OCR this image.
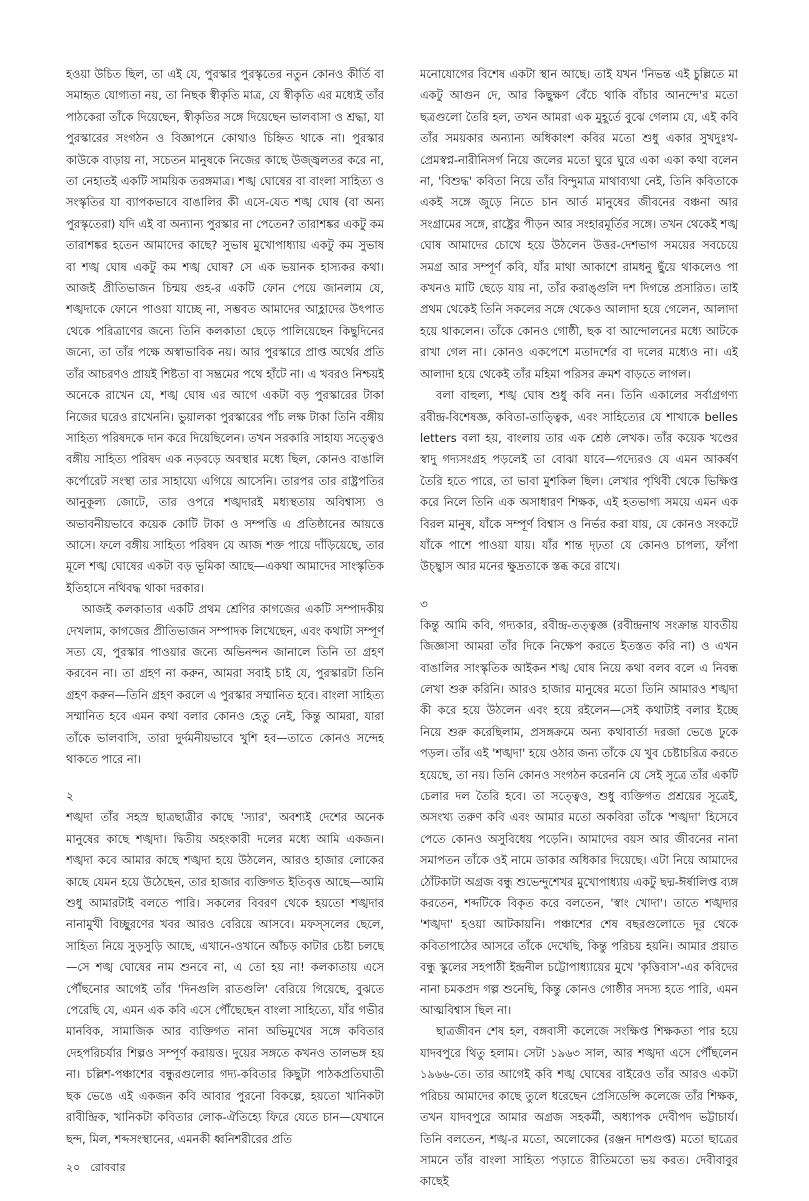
হওয়া উচিত ছিল, তা এই যে, পুরস্কার পুরস্কৃতের নতুন কোনও কীর্তি বা সমাহৃত যোগ্যতা নয়, তা নিছক স্বীকৃতি মাত্র, যে স্বীকৃতি এর মধ্যেই তাঁর পাঠকেরা তাঁকে দিয়েছেন, স্বীকৃতির সঙ্গে দিয়েছেন ভালবাসা ও শ্রদ্ধা, যা পুরস্কারের সংগঠন ও বিজ্ঞাপনে কোথাও চিহ্নিত থাকে না। পুরস্কার কাউকে বাড়ায় না, সচেতন মানুষকে নিজের কাছে উজ্জ্বলতর করে না, তা নেহাতই একটি সাময়িক তরঙ্গমাত্র। শঙ্খ ঘোষের বা বাংলা সাহিত্য ও সংস্কৃতির যা ব্যাপকভাবে বাঙালির কী এসে-যেত শঙ্খ ঘোষ (বা অন্য পুরস্কৃতেরা) যদি এই বা অন্যান্য পুরস্কার না পেতেন? তারাশঙ্কর একটু কম তারাশঙ্কর হতেন আমাদের কাছে? সুভাষ মুখোপাধ্যায় একটু কম সুভাষ বা শঙ্খ ঘোষ একটু কম শঙ্খ ঘোষ? সে এক ভয়ানক হাস্যকর কথা। আজই প্রীতিভাজন চিন্ময় গুহ-র একটি ফোন পেয়ে জানলাম যে, শঙ্খদাকে ফোনে পাওয়া যাচ্ছে না, সম্ভবত আমাদের আহ্লাদের উৎপাত থেকে পরিত্রাণের জন্যে তিনি কলকাতা ছেড়ে পালিয়েছেন কিছুদিনের জন্যে, তা তাঁর পক্ষে অস্বাভাবিক নয়। আর পুরস্কারে প্রাপ্ত অর্থের প্রতি তাঁর আচরণও প্রায়ই শিষ্টতা বা সম্ভ্রমের পথে হাঁটে না। এ খবরও নিশ্চয়ই অনেকে রাখেন যে, শঙ্খ ঘোষ এর আগে একটা বড় পুরস্কারের টাকা নিজের ঘরেও রাখেননি। ভুয়ালকা পুরস্কারের পাঁচ লক্ষ টাকা তিনি বঙ্গীয় সাহিত্য পরিষদকে দান করে দিয়েছিলেন। তখন সরকারি সাহায্য সত্ত্বেও বঙ্গীয় সাহিত্য পরিষদ এক নড়বড়ে অবস্থার মধ্যে ছিল, কোনও বাঙালি কর্পোরেট সংস্থা তার সাহায্যে এগিয়ে আসেনি। তারপর তার রাষ্ট্রপতির আনুকূল্য জোটে, তার ওপরে শঙ্খদারই মধ্যস্থতায় অবিশ্বাস্য ও অভাবনীয়ভাবে কয়েক কোটি টাকা ও সম্পত্তি এ প্রতিষ্ঠানের আয়ত্তে আসে। ফলে বঙ্গীয় সাহিত্য পরিষদ যে আজ শক্ত পায়ে দাঁড়িয়েছে, তার মূলে শঙ্খ ঘোষের একটা বড় ভূমিকা আছে—একথা আমাদের সাংস্কৃতিক ইতিহাসে নথিবদ্ধ থাকা দরকার।

আজই কলকাতার একটি প্রথম শ্রেণির কাগজের একটি সম্পাদকীয় দেখলাম, কাগজের প্রীতিভাজন সম্পাদক লিখেছেন, এবং কথাটা সম্পূর্ণ সত্য যে, পুরস্কার পাওয়ার জন্যে অভিনন্দন জানালে তিনি তা গ্রহণ করবেন না। তা গ্রহণ না করুন, আমরা সবাই চাই যে, পুরস্কারটা তিনি গ্রহণ করুন—তিনি গ্রহণ করলে এ পুরস্কার সম্মানিত হবে। বাংলা সাহিত্য সম্মানিত হবে এমন কথা বলার কোনও হেতু নেই, কিন্তু আমরা, যারা তাঁকে ভালবাসি, তারা দুর্দমনীয়ভাবে খুশি হব—তাতে কোনও সন্দেহ থাকতে পারে না।

২

শঙ্খদা তাঁর সহস্র ছাত্রছাত্রীর কাছে 'স্যার', অবশ্যই দেশের অনেক মানুষের কাছে শঙ্খদা। দ্বিতীয় অহংকারী দলের মধ্যে আমি একজন। শঙ্খদা কবে আমার কাছে শঙ্খদা হয়ে উঠলেন, আরও হাজার লোকের কাছে যেমন হয়ে উঠেছেন, তার হাজার ব্যক্তিগত ইতিবৃত্ত আছে—আমি শুধু আমারটাই বলতে পারি। সকলের বিবরণ থেকে হয়তো শঙ্খদার নানামুখী বিচ্ছুরণের খবর আরও বেরিয়ে আসবে। মফস্সলের ছেলে, সাহিত্য নিয়ে সুড়সুড়ি আছে, এখানে-ওখানে আঁচড় কাটার চেষ্টা চলছে—সে শঙ্খ ঘোষের নাম শুনবে না, এ তো হয় না! কলকাতায় এসে পৌঁছনোর আগেই তাঁর 'দিনগুলি রাতগুলি' বেরিয়ে গিয়েছে, বুঝতে পেরেছি যে, এমন এক কবি এসে পৌঁছেছেন বাংলা সাহিত্যে, যাঁর গভীর মানবিক, সামাজিক আর ব্যক্তিগত নানা অভিমুখের সঙ্গে কবিতার দেহপরিচর্যার শিল্পও সম্পূর্ণ করায়ত্ত। দুয়ের সঙ্গতে কখনও তালভঙ্গ হয় না। চল্লিশ-পঞ্চাশের বন্ধুরগুলোর গদ্য-কবিতার কিছুটা পাঠকপ্রতিঘাতী ছক ভেঙে এই একজন কবি আবার পুরনো বিকল্পে, হয়তো খানিকটা রাবীন্দ্রিক, খানিকটা কবিতার লোক-ঐতিহ্যে ফিরে যেতে চান—যেখানে ছন্দ, মিল, শব্দসংস্থানের, এমনকী ধ্বনিশরীরের প্রতি

মনোযোগের বিশেষ একটা স্থান আছে। তাই যখন 'নিভন্ত এই চুল্লিতে মা একটু আগুন দে, আর কিছুক্ষণ বেঁচে থাকি বাঁচার আনন্দে'র মতো ছত্রগুলো তৈরি হল, তখন আমরা এক মুহূর্তে বুঝে গেলাম যে, এই কবি তাঁর সময়কার অন্যান্য অধিকাংশ কবির মতো শুধু একার সুখদুঃখ-প্রেমস্বপ্ন-নারীনিসর্গ নিয়ে জলের মতো ঘুরে ঘুরে একা একা কথা বলেন না, 'বিশুদ্ধ' কবিতা নিয়ে তাঁর বিন্দুমাত্র মাথাব্যথা নেই, তিনি কবিতাকে একই সঙ্গে জুড়ে নিতে চান আর্ত মানুষের জীবনের বঞ্চনা আর সংগ্রামের সঙ্গে, রাষ্ট্রের পীড়ন আর সংহারমূর্তির সঙ্গে। তখন থেকেই শঙ্খ ঘোষ আমাদের চোখে হয়ে উঠলেন উত্তর-দেশভাগ সময়ের সবচেয়ে সমগ্র আর সম্পূর্ণ কবি, যাঁর মাথা আকাশে রামধনু ছুঁয়ে থাকলেও পা কখনও মাটি ছেড়ে যায় না, তাঁর করাঙ্গুলি দশ দিগন্তে প্রসারিত। তাই প্রথম থেকেই তিনি সকলের সঙ্গে থেকেও আলাদা হয়ে গেলেন, আলাদা হয়ে থাকলেন। তাঁকে কোনও গোষ্ঠী, ছক বা আন্দোলনের মধ্যে আটকে রাখা গেল না। কোনও একপেশে মতাদর্শের বা দলের মধ্যেও না। এই আলাদা হয়ে থেকেই তাঁর মহিমা পরিসর ক্রমশ বাড়তে লাগল।

বলা বাহুল্য, শঙ্খ ঘোষ শুধু কবি নন। তিনি একালের সর্বাগ্রগণ্য রবীন্দ্র-বিশেষজ্ঞ, কবিতা-তাত্ত্বিক, এবং সাহিত্যের যে শাখাকে belles letters বলা হয়, বাংলায় তার এক শ্রেষ্ঠ লেখক। তাঁর কয়েক খণ্ডের স্বাদু গদ্যসংগ্রহ পড়লেই তা বোঝা যাবে—গদ্যেরও যে এমন আকর্ষণ তৈরি হতে পারে, তা ভাবা মুশকিল ছিল। লেখার পৃথিবী থেকে ভিক্ষিপ্ত করে নিলে তিনি এক অসাধারণ শিক্ষক, এই হতভাগ্য সময়ে এমন এক বিরল মানুষ, যাঁকে সম্পূর্ণ বিশ্বাস ও নির্ভর করা যায়, যে কোনও সংকটে যাঁকে পাশে পাওয়া যায়। যাঁর শান্ত দৃঢ়তা যে কোনও চাপল্য, ফাঁপা উচ্ছ্বাস আর মনের ক্ষুদ্রতাকে স্তব্ধ করে রাখে।

৩

কিন্তু আমি কবি, গদ্যকার, রবীন্দ্র-তত্ত্বজ্ঞ (রবীন্দ্রনাথ সংক্রান্ত যাবতীয় জিজ্ঞাসা আমরা তাঁর দিকে নিক্ষেপ করতে ইতস্তত করি না) ও এখন বাঙালির সাংস্কৃতিক আইকন শঙ্খ ঘোষ নিয়ে কথা বলব বলে এ নিবন্ধ লেখা শুরু করিনি। আরও হাজার মানুষের মতো তিনি আমারও শঙ্খদা কী করে হয়ে উঠলেন এবং হয়ে রইলেন—সেই কথাটাই বলার ইচ্ছে নিয়ে শুরু করেছিলাম, প্রসঙ্গক্রমে অন্য কথাবার্তা দরজা ভেঙে ঢুকে পড়ল। তাঁর এই 'শঙ্খদা' হয়ে ওঠার জন্য তাঁকে যে খুব চেষ্টাচরিত্র করতে হয়েছে, তা নয়। তিনি কোনও সংগঠন করেননি যে সেই সূত্রে তাঁর একটি চেলার দল তৈরি হবে। তা সত্ত্বেও, শুধু ব্যক্তিগত প্রশ্রয়ের সূত্রেই, অসংখ্য তরুণ কবি এবং আমার মতো অকবিরা তাঁকে 'শঙ্খদা' হিসেবে পেতে কোনও অসুবিধেয় পড়েনি। আমাদের বয়স আর জীবনের নানা সমাপতন তাঁকে ওই নামে ডাকার অধিকার দিয়েছে। এটা নিয়ে আমাদের ঠোঁটকাটা অগ্রজ বন্ধু শুভেন্দুশেখর মুখোপাধ্যায় একটু ছদ্ম-ঈর্ষালিপ্ত ব্যঙ্গ করতেন, শব্দটিকে বিকৃত করে বলতেন, 'স্বাং খোদা'। তাতে শঙ্খদার 'শঙ্খদা' হওয়া আটকায়নি। পঞ্চাশের শেষ বছরগুলোতে দূর থেকে কবিতাপাঠের আসরে তাঁকে দেখেছি, কিন্তু পরিচয় হয়নি। আমার প্রয়াত বন্ধু স্কুলের সহপাঠী ইন্দ্রনীল চট্টোপাধ্যায়ের মুখে 'কৃত্তিবাস'-এর কবিদের নানা চমকপ্রদ গল্প শুনেছি, কিন্তু কোনও গোষ্ঠীর সদস্য হতে পারি, এমন আত্মবিশ্বাস ছিল না।

ছাত্রজীবন শেষ হল, বঙ্গবাসী কলেজে সংক্ষিপ্ত শিক্ষকতা পার হয়ে যাদবপুরে থিতু হলাম। সেটা ১৯৬৩ সাল, আর শঙ্খদা এসে পৌঁছলেন ১৯৬৬-তে। তার আগেই কবি শঙ্খ ঘোষের বাইরেও তাঁর আরও একটা পরিচয় আমাদের কাছে তুলে ধরেছেন প্রেসিডেন্সি কলেজে তাঁর শিক্ষক, তখন যাদবপুরে আমার অগ্রজ সহকর্মী, অধ্যাপক দেবীপদ ভট্টাচার্য। তিনি বলতেন, শঙ্খ-র মতো, অলোকের (রঞ্জন দাশগুপ্ত) মতো ছাত্রের সামনে তাঁর বাংলা সাহিত্য পড়াতে রীতিমতো ভয় করত। দেবীবাবুর কাছেই

২০ রোববার
